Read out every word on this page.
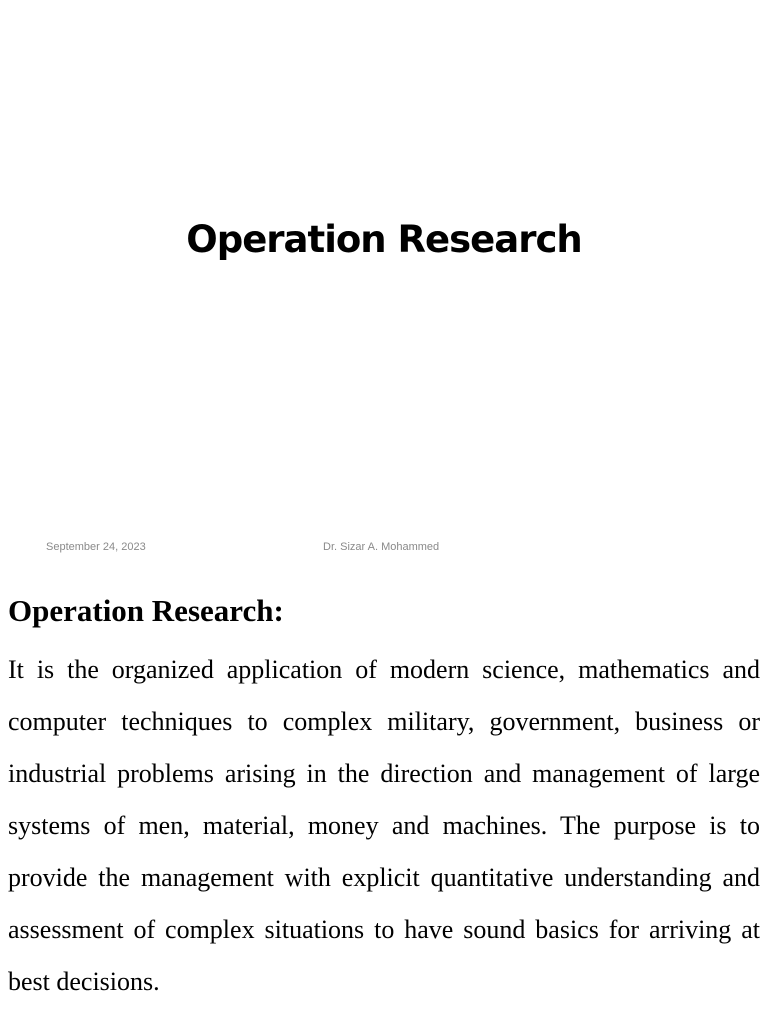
Operation Research
September 24, 2023	Dr. Sizar A. Mohammed
Operation Research:

It is the organized application of modern science, mathematics and computer techniques to complex military, government, business or industrial problems arising in the direction and management of large systems of men, material, money and machines. The purpose is to provide the management with explicit quantitative understanding and assessment of complex situations to have sound basics for arriving at best decisions.
